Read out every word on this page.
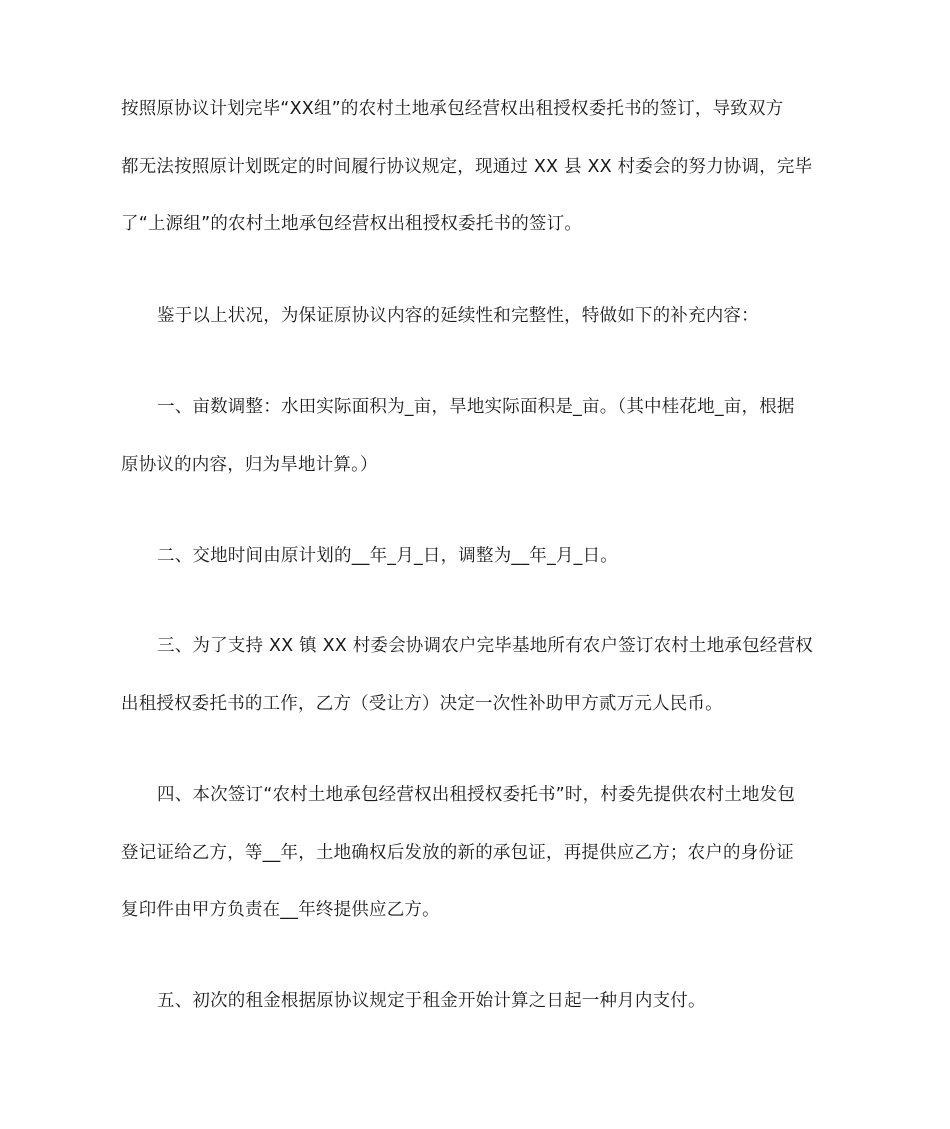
按照原协议计划完毕“XX组”的农村土地承包经营权出租授权委托书的签订，导致双方
都无法按照原计划既定的时间履行协议规定，现通过 XX 县 XX 村委会的努力协调，完毕
了“上源组”的农村土地承包经营权出租授权委托书的签订。
鉴于以上状况，为保证原协议内容的延续性和完整性，特做如下的补充内容：
一、亩数调整：水田实际面积为_亩，旱地实际面积是_亩。（其中桂花地_亩，根据
原协议的内容，归为旱地计算。）
二、交地时间由原计划的__年_月_日，调整为__年_月_日。
三、为了支持 XX 镇 XX 村委会协调农户完毕基地所有农户签订农村土地承包经营权
出租授权委托书的工作，乙方（受让方）决定一次性补助甲方贰万元人民币。
四、本次签订“农村土地承包经营权出租授权委托书”时，村委先提供农村土地发包
登记证给乙方，等__年，土地确权后发放的新的承包证，再提供应乙方；农户的身份证
复印件由甲方负责在__年终提供应乙方。
五、初次的租金根据原协议规定于租金开始计算之日起一种月内支付。
